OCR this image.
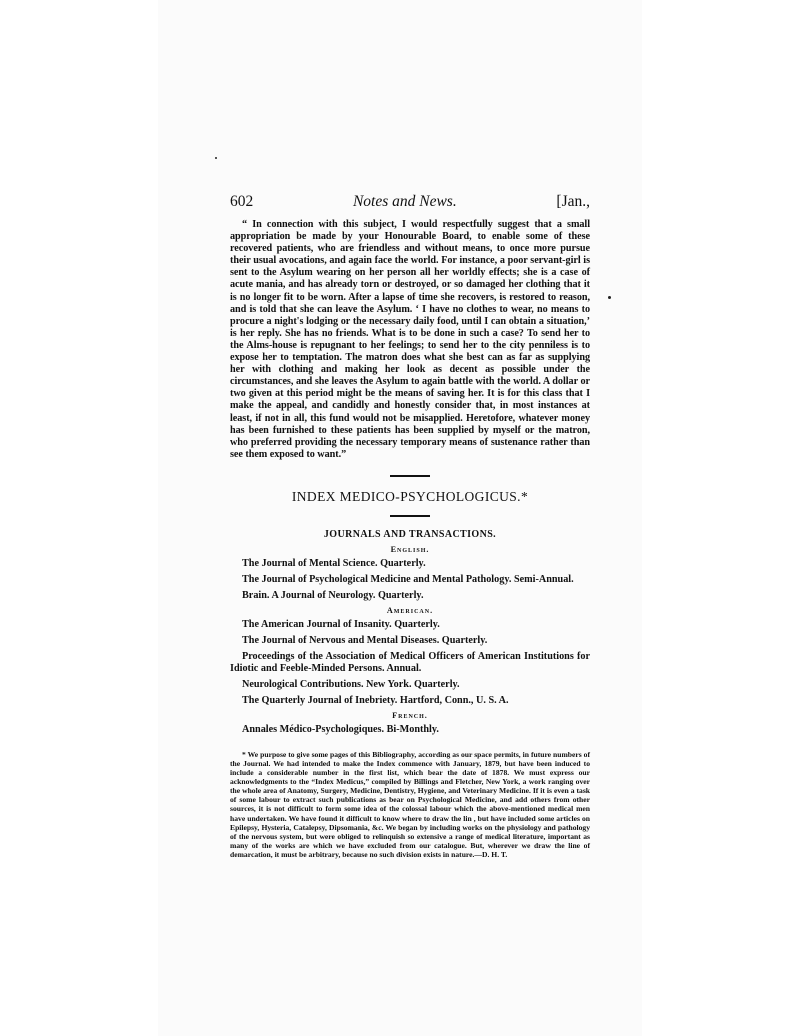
602	Notes and News.	[Jan.,

“ In connection with this subject, I would respectfully suggest that a small appropriation be made by your Honourable Board, to enable some of these recovered patients, who are friendless and without means, to once more pursue their usual avocations, and again face the world. For instance, a poor servant-girl is sent to the Asylum wearing on her person all her worldly effects; she is a case of acute mania, and has already torn or destroyed, or so damaged her clothing that it is no longer fit to be worn. After a lapse of time she recovers, is restored to reason, and is told that she can leave the Asylum. ‘ I have no clothes to wear, no means to procure a night's lodging or the necessary daily food, until I can obtain a situation,’ is her reply. She has no friends. What is to be done in such a case? To send her to the Alms-house is repugnant to her feelings; to send her to the city penniless is to expose her to temptation. The matron does what she best can as far as supplying her with clothing and making her look as decent as possible under the circumstances, and she leaves the Asylum to again battle with the world. A dollar or two given at this period might be the means of saving her. It is for this class that I make the appeal, and candidly and honestly consider that, in most instances at least, if not in all, this fund would not be misapplied. Heretofore, whatever money has been furnished to these patients has been supplied by myself or the matron, who preferred providing the necessary temporary means of sustenance rather than see them exposed to want.”

INDEX MEDICO-PSYCHOLOGICUS.*

JOURNALS AND TRANSACTIONS.

English.

The Journal of Mental Science. Quarterly.

The Journal of Psychological Medicine and Mental Pathology. Semi-Annual.

Brain. A Journal of Neurology. Quarterly.

American.

The American Journal of Insanity. Quarterly.

The Journal of Nervous and Mental Diseases. Quarterly.

Proceedings of the Association of Medical Officers of American Institutions for Idiotic and Feeble-Minded Persons. Annual.

Neurological Contributions. New York. Quarterly.

The Quarterly Journal of Inebriety. Hartford, Conn., U. S. A.

French.

Annales Médico-Psychologiques. Bi-Monthly.

* We purpose to give some pages of this Bibliography, according as our space permits, in future numbers of the Journal. We had intended to make the Index commence with January, 1879, but have been induced to include a considerable number in the first list, which bear the date of 1878. We must express our acknowledgments to the “Index Medicus,” compiled by Billings and Fletcher, New York, a work ranging over the whole area of Anatomy, Surgery, Medicine, Dentistry, Hygiene, and Veterinary Medicine. If it is even a task of some labour to extract such publications as bear on Psychological Medicine, and add others from other sources, it is not difficult to form some idea of the colossal labour which the above-mentioned medical men have undertaken. We have found it difficult to know where to draw the lin , but have included some articles on Epilepsy, Hysteria, Catalepsy, Dipsomania, &c. We began by including works on the physiology and pathology of the nervous system, but were obliged to relinquish so extensive a range of medical literature, important as many of the works are which we have excluded from our catalogue. But, wherever we draw the line of demarcation, it must be arbitrary, because no such division exists in nature.—D. H. T.
